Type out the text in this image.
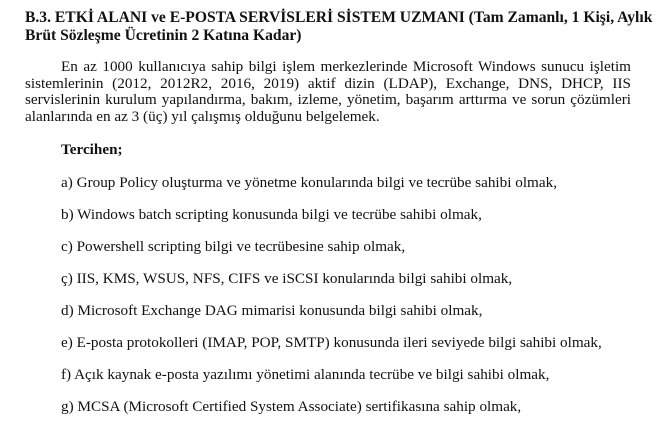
B.3. ETKİ ALANI ve E-POSTA SERVİSLERİ SİSTEM UZMANI (Tam Zamanlı, 1 Kişi, Aylık Brüt Sözleşme Ücretinin 2 Katına Kadar)

En az 1000 kullanıcıya sahip bilgi işlem merkezlerinde Microsoft Windows sunucu işletim sistemlerinin (2012, 2012R2, 2016, 2019) aktif dizin (LDAP), Exchange, DNS, DHCP, IIS servislerinin kurulum yapılandırma, bakım, izleme, yönetim, başarım arttırma ve sorun çözümleri alanlarında en az 3 (üç) yıl çalışmış olduğunu belgelemek.

Tercihen;

a) Group Policy oluşturma ve yönetme konularında bilgi ve tecrübe sahibi olmak,

b) Windows batch scripting konusunda bilgi ve tecrübe sahibi olmak,

c) Powershell scripting bilgi ve tecrübesine sahip olmak,

ç) IIS, KMS, WSUS, NFS, CIFS ve iSCSI konularında bilgi sahibi olmak,

d) Microsoft Exchange DAG mimarisi konusunda bilgi sahibi olmak,

e) E-posta protokolleri (IMAP, POP, SMTP) konusunda ileri seviyede bilgi sahibi olmak,

f) Açık kaynak e-posta yazılımı yönetimi alanında tecrübe ve bilgi sahibi olmak,

g) MCSA (Microsoft Certified System Associate) sertifikasına sahip olmak,
